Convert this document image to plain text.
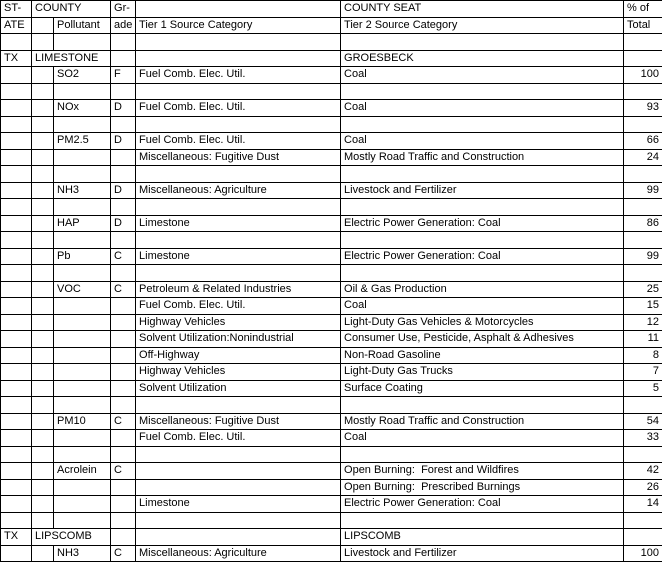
ST-	COUNTY		Gr-		COUNTY SEAT	% of
ATE		Pollutant	ade	Tier 1 Source Category	Tier 2 Source Category	Total

TX	LIMESTONE				GROESBECK	
		SO2	F	Fuel Comb. Elec. Util.	Coal	100

		NOx	D	Fuel Comb. Elec. Util.	Coal	93

		PM2.5	D	Fuel Comb. Elec. Util.	Coal	66
				Miscellaneous: Fugitive Dust	Mostly Road Traffic and Construction	24

		NH3	D	Miscellaneous: Agriculture	Livestock and Fertilizer	99

		HAP	D	Limestone	Electric Power Generation: Coal	86

		Pb	C	Limestone	Electric Power Generation: Coal	99

		VOC	C	Petroleum & Related Industries	Oil & Gas Production	25
				Fuel Comb. Elec. Util.	Coal	15
				Highway Vehicles	Light-Duty Gas Vehicles & Motorcycles	12
				Solvent Utilization:Nonindustrial	Consumer Use, Pesticide, Asphalt & Adhesives	11
				Off-Highway	Non-Road Gasoline	8
				Highway Vehicles	Light-Duty Gas Trucks	7
				Solvent Utilization	Surface Coating	5

		PM10	C	Miscellaneous: Fugitive Dust	Mostly Road Traffic and Construction	54
				Fuel Comb. Elec. Util.	Coal	33

		Acrolein	C		Open Burning:  Forest and Wildfires	42
					Open Burning:  Prescribed Burnings	26
				Limestone	Electric Power Generation: Coal	14

TX	LIPSCOMB				LIPSCOMB	
		NH3	C	Miscellaneous: Agriculture	Livestock and Fertilizer	100
